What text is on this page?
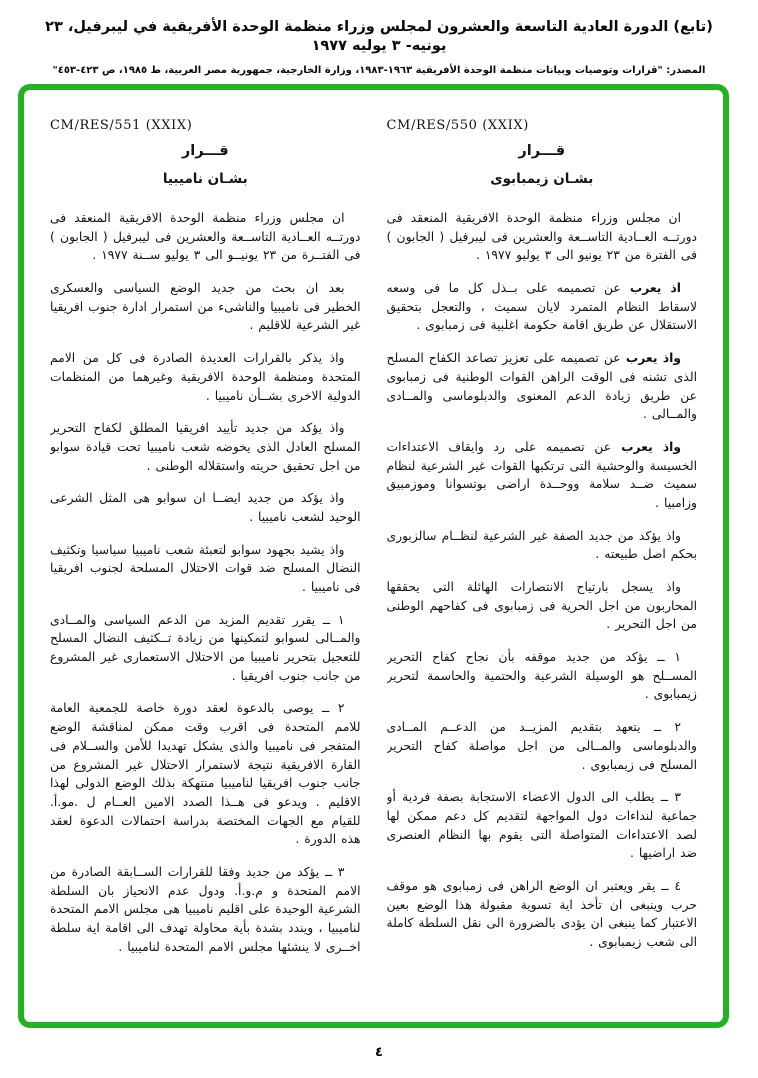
(تابع) الدورة العادية التاسعة والعشرون لمجلس وزراء منظمة الوحدة الأفريقية في ليبرفيل، ٢٣ يونيه- ٣ يوليه ١٩٧٧
المصدر: "قرارات وتوصيات وبيانات منظمة الوحدة الأفريقية ١٩٦٣-١٩٨٣، وزارة الخارجية، جمهورية مصر العربية، ط ١٩٨٥، ص ٤٢٣-٤٥٣"
CM/RES/550 (XXIX)
قـــرار
بشـان زيمبابوى

ان مجلس وزراء منظمة الوحدة الافريقية المنعقد فى دورتــه العــادية التاســعة والعشرين فى ليبرفيل ( الجابون ) فى الفترة من ٢٣ يونيو الى ٣ يوليو ١٩٧٧ .

اذ يعربعن تصميمه على بــذل كل ما فى وسعه لاسقاط النظام المتمرد لايان سميث ، والتعجل بتحقيق الاستقلال عن طريق اقامة حكومة اغلبية فى زمبابوى .

واذ يعربعن تصميمه على تعزيز تصاعد الكفاح المسلح الذى تشنه فى الوقت الراهن القوات الوطنية فى زمبابوى عن طريق زيادة الدعم المعنوى والدبلوماسى والمــادى والمــالى .

واذ يعربعن تصميمه على رد وايقاف الاعتداءات الخسيسة والوحشية التى ترتكبها القوات غير الشرعية لنظام سميث ضــد سلامة ووحــدة اراضى بوتسوانا وموزمبيق وزامبيا .

واذ يؤكد من جديد الصفة غير الشرعية لنظــام سالزبورى بحكم اصل طبيعته .

واذ يسجل بارتياح الانتصارات الهائلة التى يحققها المحاربون من اجل الحرية فى زمبابوى فى كفاحهم الوطنى من اجل التحرير .

١ ــ يؤكد من جديد موقفه بأن نجاح كفاح التحرير المســلح هو الوسيلة الشرعية والحتمية والحاسمة لتحرير زيمبابوى .

٢ ــ يتعهد بتقديم المزيــد من الدعــم المــادى والدبلوماسى والمــالى من اجل مواصلة كفاح التحرير المسلح فى زيمبابوى .

٣ ــ يطلب الى الدول الاعضاء الاستجابة بصفة فردية أو جماعية لنداءات دول المواجهة لتقديم كل دعم ممكن لها لصد الاعتداءات المتواصلة التى يقوم بها النظام العنصرى ضد اراضيها .

٤ ــ يقر ويعتبر ان الوضع الراهن فى زمبابوى هو موقف حرب وينبغى ان تأخذ اية تسوية مقبولة هذا الوضع بعين الاعتبار كما ينبغى ان يؤدى بالضرورة الى نقل السلطة كاملة الى شعب زيمبابوى .

CM/RES/551 (XXIX)
قـــرار
بشـان ناميبيا

ان مجلس وزراء منظمة الوحدة الافريقية المنعقد فى دورتــه العــادية التاســعة والعشرين فى ليبرفيل ( الجابون ) فى الفتــرة من ٢٣ يونيــو الى ٣ يوليو ســنة ١٩٧٧ .

بعد ان بحث من جديد الوضع السياسى والعسكرى الخطير فى ناميبيا والناشىء من استمرار ادارة جنوب افريقيا غير الشرعية للاقليم .

واذ يذكر بالقرارات العديدة الصادرة فى كل من الامم المتحدة ومنظمة الوحدة الافريقية وغيرهما من المنظمات الدولية الاخرى بشــأن ناميبيا .

واذ يؤكد من جديد تأييد افريقيا المطلق لكفاح التحرير المسلح العادل الذى يخوضه شعب ناميبيا تحت قيادة سوابو من اجل تحقيق حريته واستقلاله الوطنى .

واذ يؤكد من جديد ايضــا ان سوابو هى المثل الشرعى الوحيد لشعب ناميبيا .

واذ يشيد بجهود سوابو لتعبئة شعب ناميبيا سياسيا وتكثيف النضال المسلح ضد قوات الاحتلال المسلحة لجنوب افريقيا فى ناميبيا .

١ ــ يقرر تقديم المزيد من الدعم السياسى والمــادى والمــالى لسوابو لتمكينها من زيادة تــكثيف النضال المسلح للتعجيل بتحرير ناميبيا من الاحتلال الاستعمارى غير المشروع من جانب جنوب افريقيا .

٢ ــ يوصى بالدعوة لعقد دورة خاصة للجمعية العامة للامم المتحدة فى اقرب وقت ممكن لمناقشة الوضع المتفجر فى ناميبيا والذى يشكل تهديدا للأمن والســلام فى القارة الافريقية نتيجة لاستمرار الاحتلال غير المشروع من جانب جنوب افريقيا لناميبيا منتهكة بذلك الوضع الدولى لهذا الاقليم . ويدعو فى هــذا الصدد الامين العــام ل .مو.أ. للقيام مع الجهات المختصة بدراسة احتمالات الدعوة لعقد هذه الدورة .

٣ ــ يؤكد من جديد وفقا للقرارات الســابقة الصادرة من الامم المتحدة و م.و.أ. ودول عدم الانحياز بان السلطة الشرعية الوحيدة على اقليم ناميبيا هى مجلس الامم المتحدة لناميبيا ، ويندد بشدة بأية محاولة تهدف الى اقامة اية سلطة اخــرى لا ينشئها مجلس الامم المتحدة لناميبيا .

٤
